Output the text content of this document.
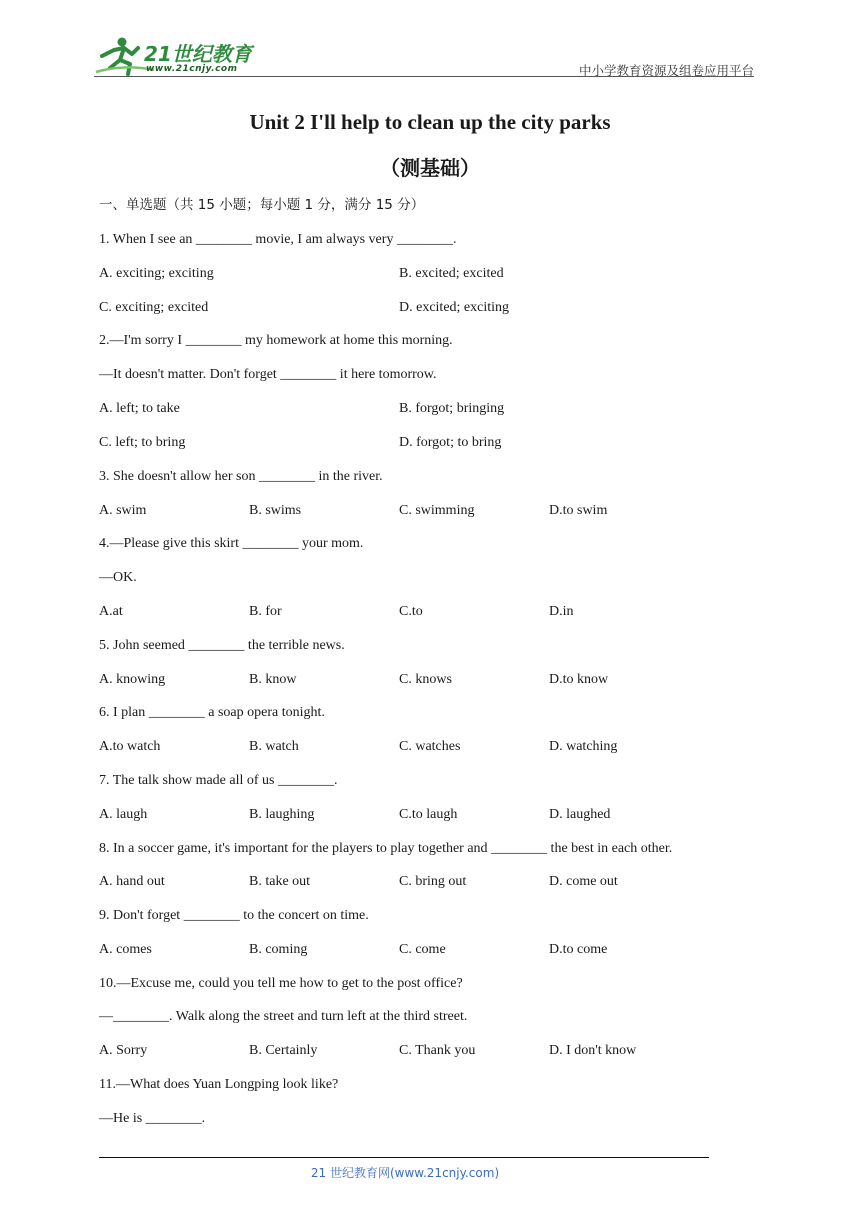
21世纪教育
www.21cnjy.com	中小学教育资源及组卷应用平台
Unit 2 I'll help to clean up the city parks
（测基础）
一、单选题（共 15 小题；每小题 1 分，满分 15 分）
1. When I see an ________ movie, I am always very ________.
A. exciting; exciting	B. excited; excited
C. exciting; excited	D. excited; exciting
2.—I'm sorry I ________ my homework at home this morning.
—It doesn't matter. Don't forget ________ it here tomorrow.
A. left; to take	B. forgot; bringing
C. left; to bring	D. forgot; to bring
3. She doesn't allow her son ________ in the river.
A. swim	B. swims	C. swimming	D.to swim
4.—Please give this skirt ________ your mom.
—OK.
A.at	B. for	C.to	D.in
5. John seemed ________ the terrible news.
A. knowing	B. know	C. knows	D.to know
6. I plan ________ a soap opera tonight.
A.to watch	B. watch	C. watches	D. watching
7. The talk show made all of us ________.
A. laugh	B. laughing	C.to laugh	D. laughed
8. In a soccer game, it's important for the players to play together and ________ the best in each other.
A. hand out	B. take out	C. bring out	D. come out
9. Don't forget ________ to the concert on time.
A. comes	B. coming	C. come	D.to come
10.—Excuse me, could you tell me how to get to the post office?
—________. Walk along the street and turn left at the third street.
A. Sorry	B. Certainly	C. Thank you	D. I don't know
11.—What does Yuan Longping look like?
—He is ________.
21 世纪教育网(www.21cnjy.com)
